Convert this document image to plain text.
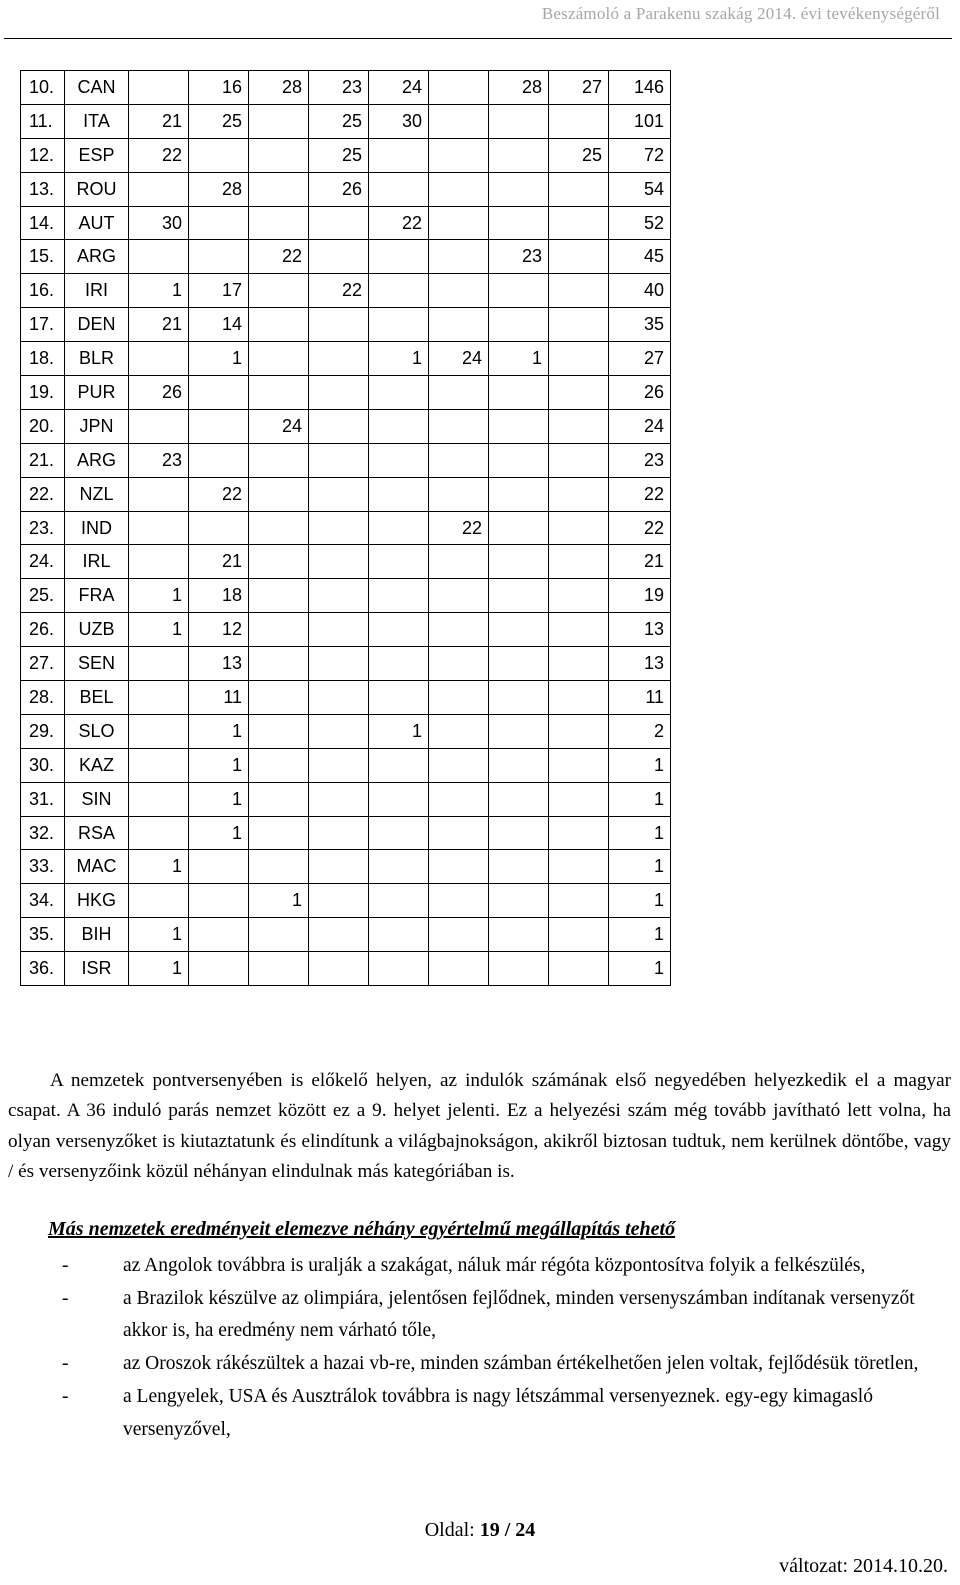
Beszámoló a Parakenu szakág 2014. évi tevékenységéről
10.	CAN		16	28	23	24		28	27	146
11.	ITA	21	25		25	30				101
12.	ESP	22			25				25	72
13.	ROU		28		26					54
14.	AUT	30				22				52
15.	ARG			22				23		45
16.	IRI	1	17		22					40
17.	DEN	21	14							35
18.	BLR		1			1	24	1		27
19.	PUR	26								26
20.	JPN			24						24
21.	ARG	23								23
22.	NZL		22							22
23.	IND						22			22
24.	IRL		21							21
25.	FRA	1	18							19
26.	UZB	1	12							13
27.	SEN		13							13
28.	BEL		11							11
29.	SLO		1			1				2
30.	KAZ		1							1
31.	SIN		1							1
32.	RSA		1							1
33.	MAC	1								1
34.	HKG			1						1
35.	BIH	1								1
36.	ISR	1								1
A nemzetek pontversenyében is előkelő helyen, az indulók számának első negyedében helyezkedik el a magyar csapat. A 36 induló parás nemzet között ez a 9. helyet jelenti. Ez a helyezési szám még tovább javítható lett volna, ha olyan versenyzőket is kiutaztatunk és elindítunk a világbajnokságon, akikről biztosan tudtuk, nem kerülnek döntőbe, vagy / és versenyzőink közül néhányan elindulnak más kategóriában is.
Más nemzetek eredményeit elemezve néhány egyértelmű megállapítás tehető
-	az Angolok továbbra is uralják a szakágat, náluk már régóta központosítva folyik a felkészülés,
-	a Brazilok készülve az olimpiára, jelentősen fejlődnek, minden versenyszámban indítanak versenyzőt akkor is, ha eredmény nem várható tőle,
-	az Oroszok rákészültek a hazai vb-re, minden számban értékelhetően jelen voltak, fejlődésük töretlen,
-	a Lengyelek, USA és Ausztrálok továbbra is nagy létszámmal versenyeznek. egy-egy kimagasló versenyzővel,
Oldal: 19 / 24
változat: 2014.10.20.
